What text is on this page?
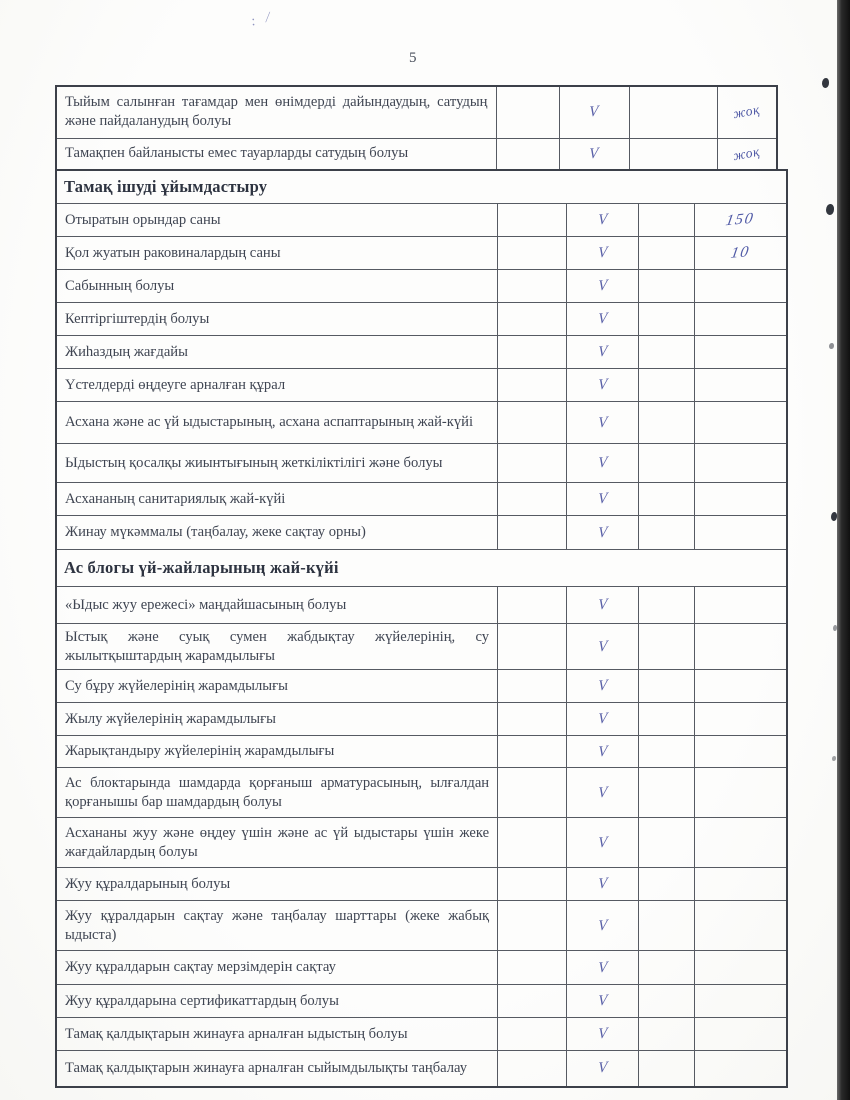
: ∕
5
Тыйым салынған тағамдар мен өнімдерді дайындаудың, сатудың және пайдаланудың болуы		V		жоқ
Тамақпен байланысты емес тауарларды сатудың болуы		V		жоқ
Тамақ ішуді ұйымдастыру				
Отыратын орындар саны		V		150
Қол жуатын раковиналардың саны		V		10
Сабынның болуы		V		
Кептіргіштердің болуы		V		
Жиһаздың жағдайы		V		
Үстелдерді өңдеуге арналған құрал		V		
Асхана және ас үй ыдыстарының, асхана аспаптарының жай-күйі		V		
Ыдыстың қосалқы жиынтығының жеткіліктілігі және болуы		V		
Асхананың санитариялық жай-күйі		V		
Жинау мүкәммалы (таңбалау, жеке сақтау орны)		V		
Ас блогы үй-жайларының жай-күйі				
«Ыдыс жуу ережесі» маңдайшасының болуы		V		
Ыстық және суық сумен жабдықтау жүйелерінің, су жылытқыштардың жарамдылығы		V		
Су бұру жүйелерінің жарамдылығы		V		
Жылу жүйелерінің жарамдылығы		V		
Жарықтандыру жүйелерінің жарамдылығы		V		
Ас блоктарында шамдарда қорғаныш арматурасының, ылғалдан қорғанышы бар шамдардың болуы		V		
Асхананы жуу және өңдеу үшін және ас үй ыдыстары үшін жеке жағдайлардың болуы		V		
Жуу құралдарының болуы		V		
Жуу құралдарын сақтау және таңбалау шарттары (жеке жабық ыдыста)		V		
Жуу құралдарын сақтау мерзімдерін сақтау		V		
Жуу құралдарына сертификаттардың болуы		V		
Тамақ қалдықтарын жинауға арналған ыдыстың болуы		V		
Тамақ қалдықтарын жинауға арналған сыйымдылықты таңбалау		V		
